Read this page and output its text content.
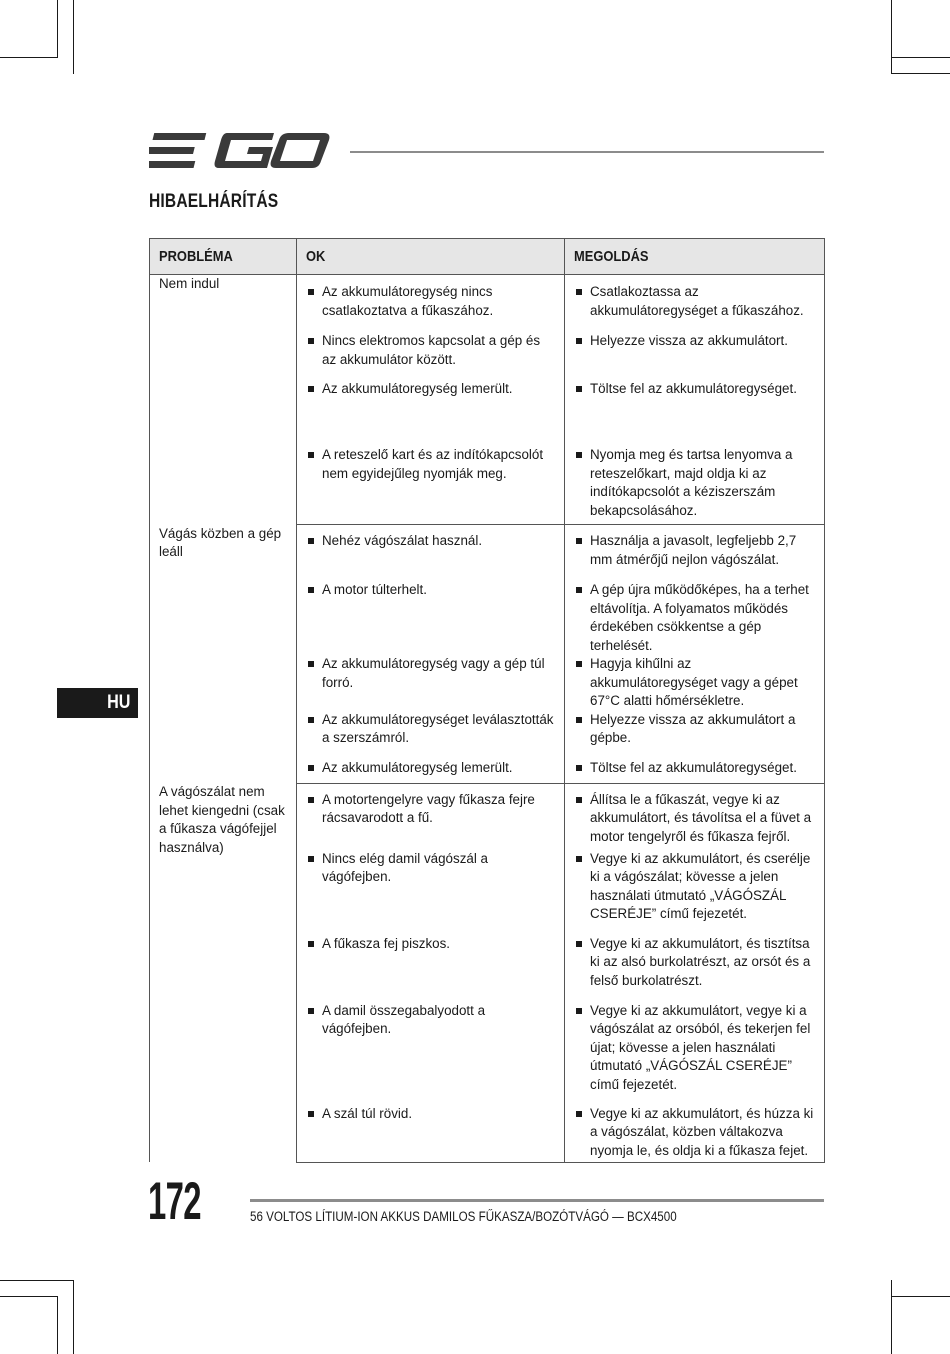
HIBAELHÁRÍTÁS
HU
PROBLÉMA	OK	MEGOLDÁS

Nem indul	Az akkumulátoregység nincs csatlakoztatva a fűkaszához.	Csatlakoztassa az akkumulátoregységet a fűkaszához.

	Nincs elektromos kapcsolat a gép és az akkumulátor között.	Helyezze vissza az akkumulátort.

	Az akkumulátoregység lemerült.	Töltse fel az akkumulátoregységet.

	A reteszelő kart és az indítókapcsolót nem egyidejűleg nyomják meg.	Nyomja meg és tartsa lenyomva a reteszelőkart, majd oldja ki az indítókapcsolót a kéziszerszám bekapcsolásához.

Vágás közben a gép leáll	Nehéz vágószálat használ.	Használja a javasolt, legfeljebb 2,7 mm átmérőjű nejlon vágószálat.

	A motor túlterhelt.	A gép újra működőképes, ha a terhet eltávolítja. A folyamatos működés érdekében csökkentse a gép terhelését.

	Az akkumulátoregység vagy a gép túl forró.	Hagyja kihűlni az akkumulátoregységet vagy a gépet 67°C alatti hőmérsékletre.

	Az akkumulátoregységet leválasztották a szerszámról.	Helyezze vissza az akkumulátort a gépbe.

	Az akkumulátoregység lemerült.	Töltse fel az akkumulátoregységet.

A vágószálat nem lehet kiengedni (csak a fűkasza vágófejjel használva)	A motortengelyre vagy fűkasza fejre rácsavarodott a fű.	Állítsa le a fűkaszát, vegye ki az akkumulátort, és távolítsa el a füvet a motor tengelyről és fűkasza fejről.

	Nincs elég damil vágószál a vágófejben.	Vegye ki az akkumulátort, és cserélje ki a vágószálat; kövesse a jelen használati útmutató „VÁGÓSZÁL CSERÉJE” című fejezetét.

	A fűkasza fej piszkos.	Vegye ki az akkumulátort, és tisztítsa ki az alsó burkolatrészt, az orsót és a felső burkolatrészt.

	A damil összegabalyodott a vágófejben.	Vegye ki az akkumulátort, vegye ki a vágószálat az orsóból, és tekerjen fel újat; kövesse a jelen használati útmutató „VÁGÓSZÁL CSERÉJE” című fejezetét.

	A szál túl rövid.	Vegye ki az akkumulátort, és húzza ki a vágószálat, közben váltakozva nyomja le, és oldja ki a fűkasza fejet.
172	56 VOLTOS LÍTIUM-ION AKKUS DAMILOS FŰKASZA/BOZÓTVÁGÓ — BCX4500
